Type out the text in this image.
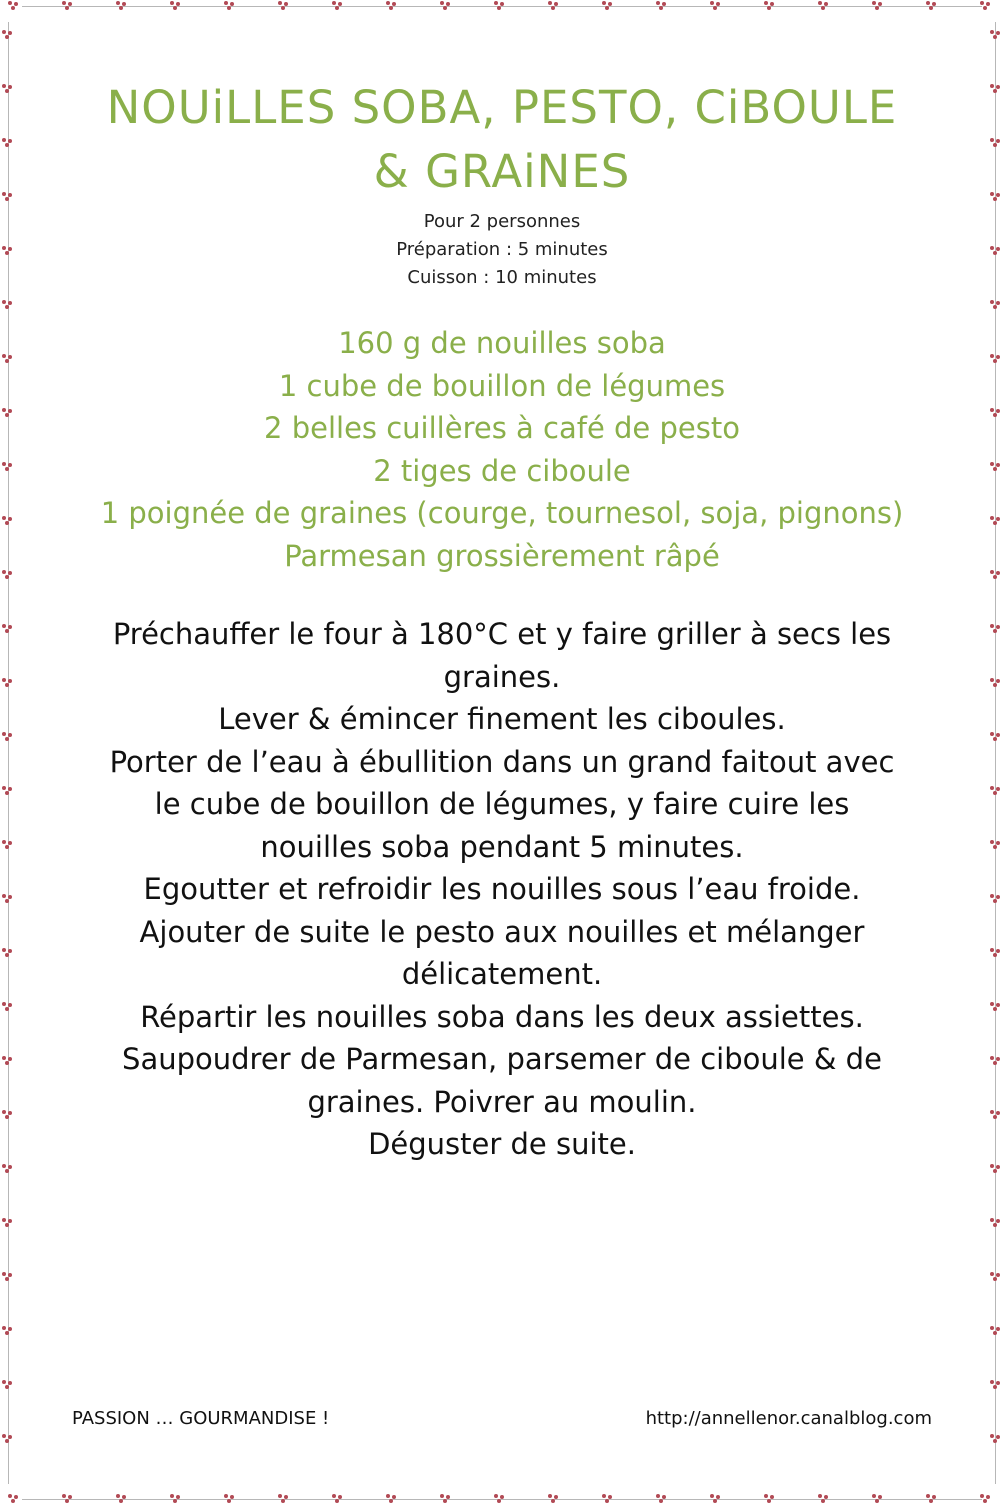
NOUiLLES SOBA, PESTO, CiBOULE
& GRAiNES
Pour 2 personnes
Préparation : 5 minutes
Cuisson : 10 minutes
160 g de nouilles soba
1 cube de bouillon de légumes
2 belles cuillères à café de pesto
2 tiges de ciboule
1 poignée de graines (courge, tournesol, soja, pignons)
Parmesan grossièrement râpé
Préchauffer le four à 180°C et y faire griller à secs les
graines.
Lever & émincer finement les ciboules.
Porter de l’eau à ébullition dans un grand faitout avec
le cube de bouillon de légumes, y faire cuire les
nouilles soba pendant 5 minutes.
Egoutter et refroidir les nouilles sous l’eau froide.
Ajouter de suite le pesto aux nouilles et mélanger
délicatement.
Répartir les nouilles soba dans les deux assiettes.
Saupoudrer de Parmesan, parsemer de ciboule & de
graines. Poivrer au moulin.
Déguster de suite.
PASSION … GOURMANDISE !	http://annellenor.canalblog.com
